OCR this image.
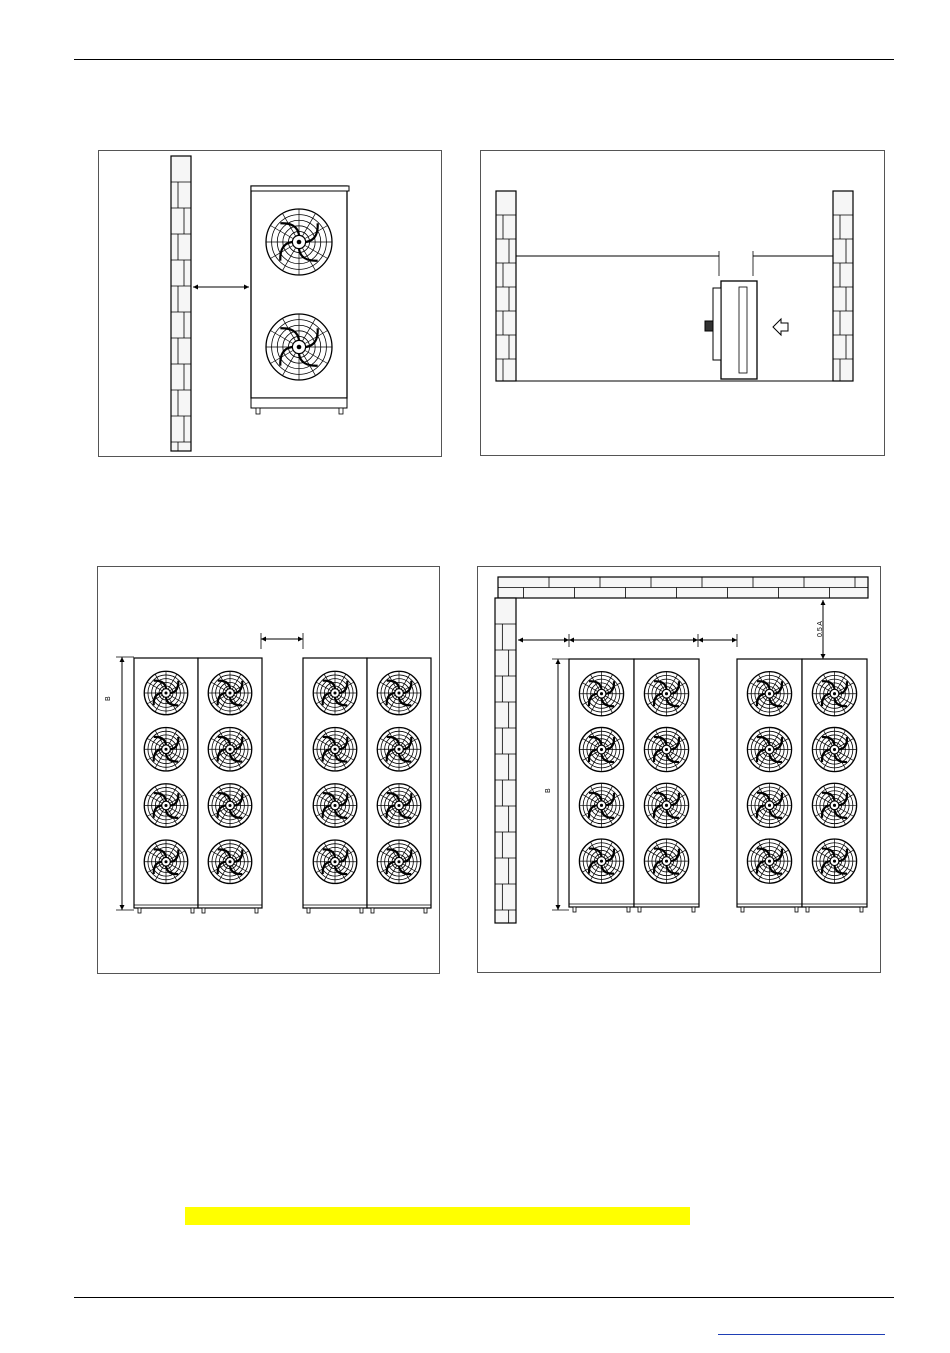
B
B
0.5 A
